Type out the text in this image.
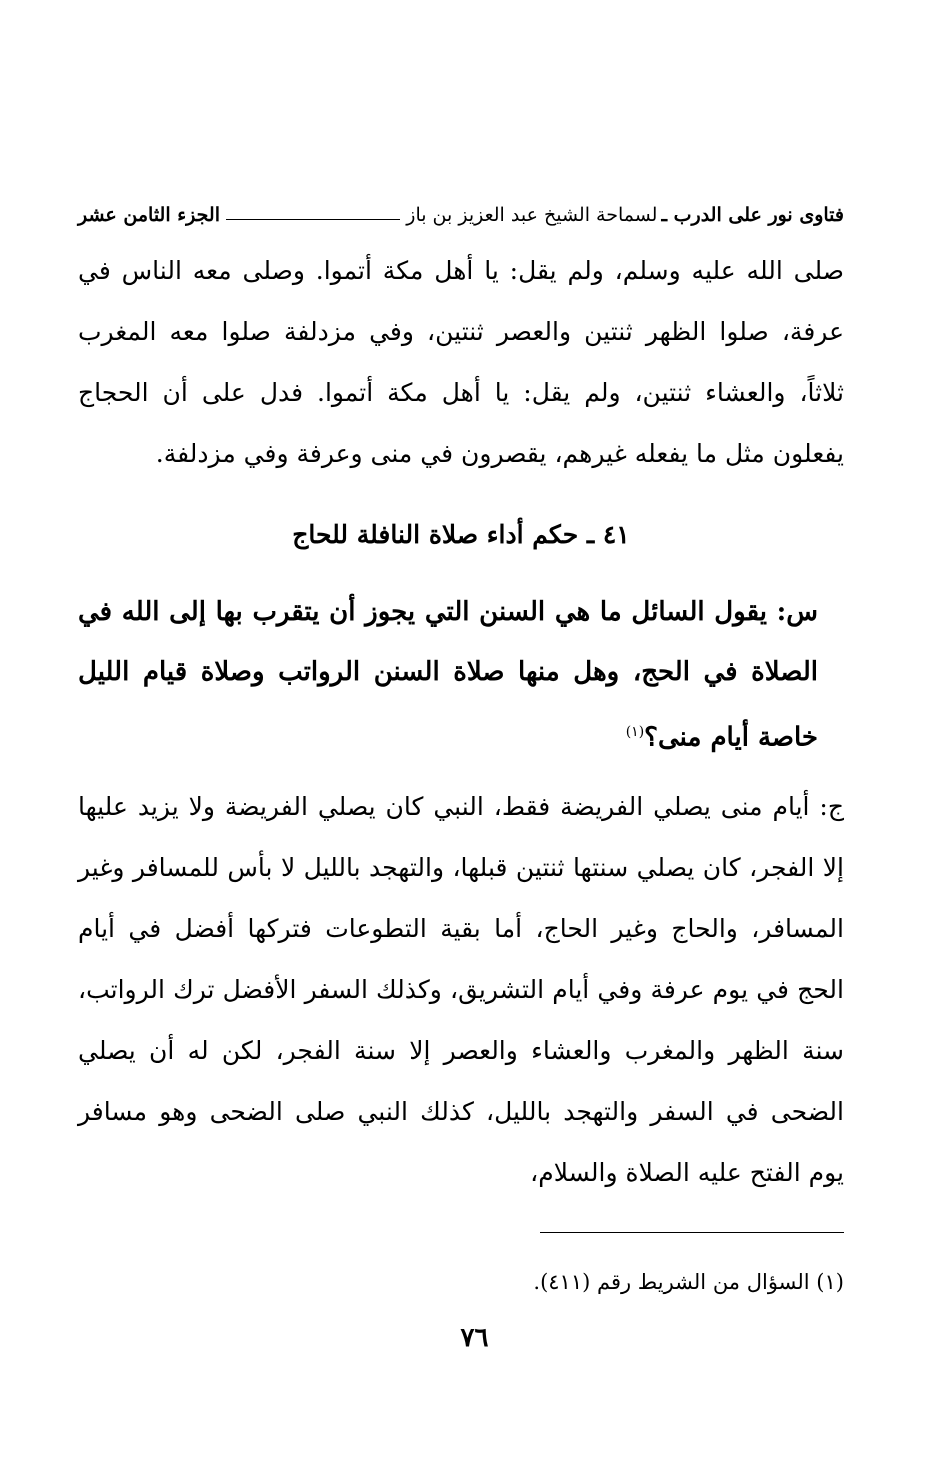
فتاوى نور على الدرب ـ
لسماحة الشيخ عبد العزيز بن باز
الجزء الثامن عشر
صلى الله عليه وسلم، ولم يقل: يا أهل مكة أتموا. وصلى معه الناس في عرفة، صلوا الظهر ثنتين والعصر ثنتين، وفي مزدلفة صلوا معه المغرب ثلاثاً، والعشاء ثنتين، ولم يقل: يا أهل مكة أتموا. فدل على أن الحجاج يفعلون مثل ما يفعله غيرهم، يقصرون في منى وعرفة وفي مزدلفة.
٤١ ـ حكم أداء صلاة النافلة للحاج
س: يقول السائل ما هي السنن التي يجوز أن يتقرب بها إلى الله في الصلاة في الحج، وهل منها صلاة السنن الرواتب وصلاة قيام الليل خاصة أيام منى؟$^{(١)}$
ج: أيام منى يصلي الفريضة فقط، النبي كان يصلي الفريضة ولا يزيد عليها إلا الفجر، كان يصلي سنتها ثنتين قبلها، والتهجد بالليل لا بأس للمسافر وغير المسافر، والحاج وغير الحاج، أما بقية التطوعات فتركها أفضل في أيام الحج في يوم عرفة وفي أيام التشريق، وكذلك السفر الأفضل ترك الرواتب، سنة الظهر والمغرب والعشاء والعصر إلا سنة الفجر، لكن له أن يصلي الضحى في السفر والتهجد بالليل، كذلك النبي صلى الضحى وهو مسافر يوم الفتح عليه الصلاة والسلام،
(١) السؤال من الشريط رقم (٤١١).
٧٦
